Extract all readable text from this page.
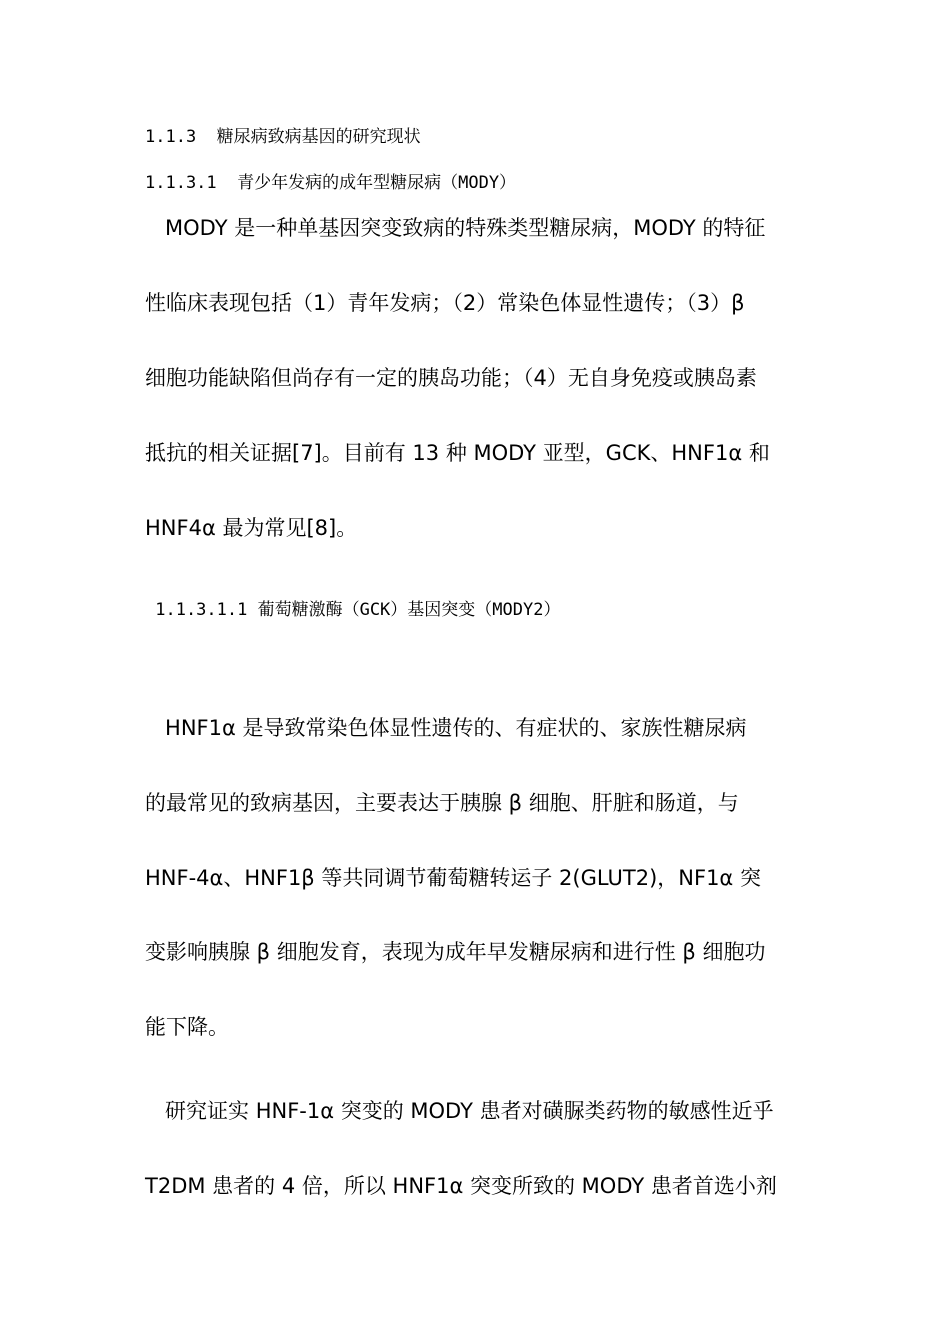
1.1.3  糖尿病致病基因的研究现状
1.1.3.1  青少年发病的成年型糖尿病（MODY）
MODY 是一种单基因突变致病的特殊类型糖尿病，MODY 的特征
性临床表现包括（1）青年发病；（2）常染色体显性遗传；（3）β
细胞功能缺陷但尚存有一定的胰岛功能；（4）无自身免疫或胰岛素
抵抗的相关证据[7]。目前有 13 种 MODY 亚型，GCK、HNF1α 和
HNF4α 最为常见[8]。
1.1.3.1.1 葡萄糖激酶（GCK）基因突变（MODY2）
HNF1α 是导致常染色体显性遗传的、有症状的、家族性糖尿病
的最常见的致病基因，主要表达于胰腺 β 细胞、肝脏和肠道，与
HNF-4α、HNF1β 等共同调节葡萄糖转运子 2(GLUT2)，NF1α 突
变影响胰腺 β 细胞发育，表现为成年早发糖尿病和进行性 β 细胞功
能下降。
研究证实 HNF-1α 突变的 MODY 患者对磺脲类药物的敏感性近乎
T2DM 患者的 4 倍，所以 HNF1α 突变所致的 MODY 患者首选小剂
